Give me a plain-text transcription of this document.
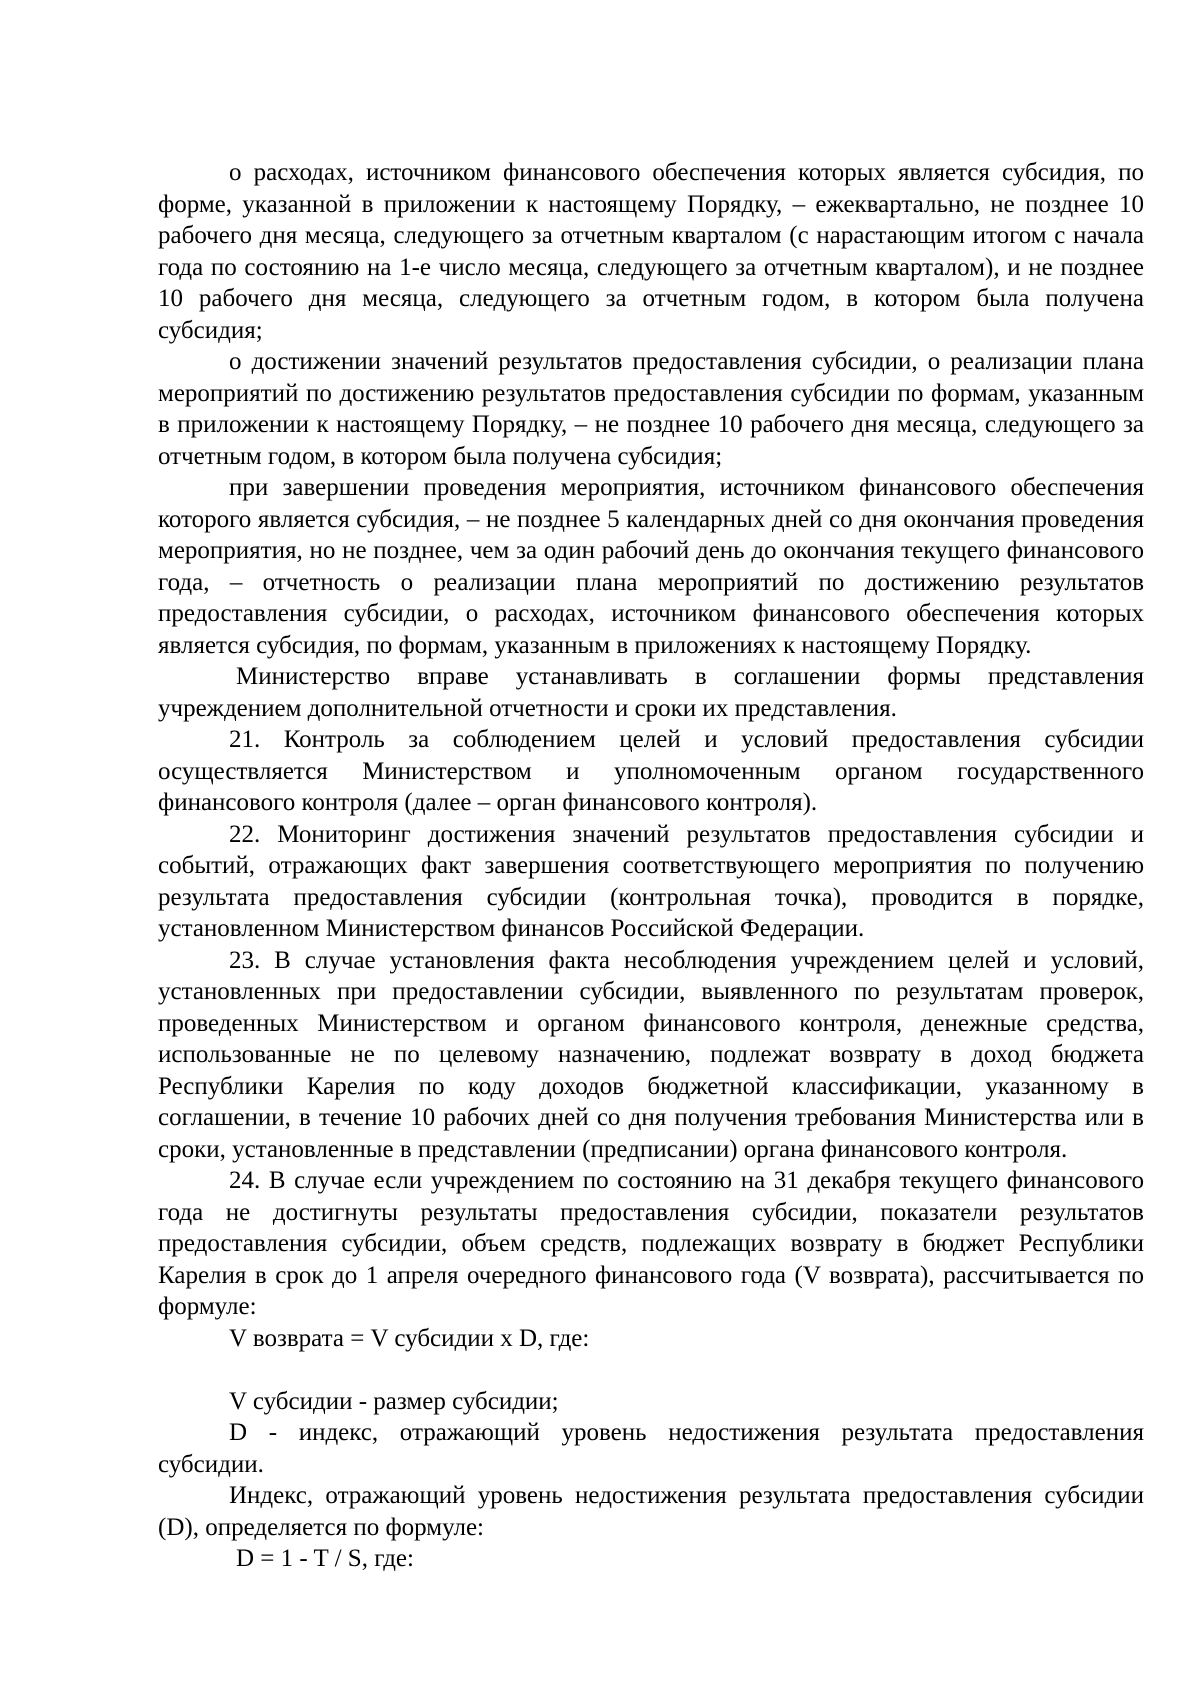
о расходах, источником финансового обеспечения которых является субсидия, по форме, указанной в приложении к настоящему Порядку, – ежеквартально, не позднее 10 рабочего дня месяца, следующего за отчетным кварталом (с нарастающим итогом с начала года по состоянию на 1-е число месяца, следующего за отчетным кварталом), и не позднее 10 рабочего дня месяца, следующего за отчетным годом, в котором была получена субсидия;

о достижении значений результатов предоставления субсидии, о реализации плана мероприятий по достижению результатов предоставления субсидии по формам, указанным в приложении к настоящему Порядку, – не позднее 10 рабочего дня месяца, следующего за отчетным годом, в котором была получена субсидия;

при завершении проведения мероприятия, источником финансового обеспечения которого является субсидия, – не позднее 5 календарных дней со дня окончания проведения мероприятия, но не позднее, чем за один рабочий день до окончания текущего финансового года, – отчетность о реализации плана мероприятий по достижению результатов предоставления субсидии, о расходах, источником финансового обеспечения которых является субсидия, по формам, указанным в приложениях к настоящему Порядку.

Министерство вправе устанавливать в соглашении формы представления учреждением дополнительной отчетности и сроки их представления.

21. Контроль за соблюдением целей и условий предоставления субсидии осуществляется Министерством и уполномоченным органом государственного финансового контроля (далее – орган финансового контроля).

22. Мониторинг достижения значений результатов предоставления субсидии и событий, отражающих факт завершения соответствующего мероприятия по получению результата предоставления субсидии (контрольная точка), проводится в порядке, установленном Министерством финансов Российской Федерации.

23. В случае установления факта несоблюдения учреждением целей и условий, установленных при предоставлении субсидии, выявленного по результатам проверок, проведенных Министерством и органом финансового контроля, денежные средства, использованные не по целевому назначению, подлежат возврату в доход бюджета Республики Карелия по коду доходов бюджетной классификации, указанному в соглашении, в течение 10 рабочих дней со дня получения требования Министерства или в сроки, установленные в представлении (предписании) органа финансового контроля.

24. В случае если учреждением по состоянию на 31 декабря текущего финансового года не достигнуты результаты предоставления субсидии, показатели результатов предоставления субсидии, объем средств, подлежащих возврату в бюджет Республики Карелия в срок до 1 апреля очередного финансового года (V возврата), рассчитывается по формуле:

V возврата = V субсидии x D, где:

V субсидии - размер субсидии;

D - индекс, отражающий уровень недостижения результата предоставления субсидии.

Индекс, отражающий уровень недостижения результата предоставления субсидии (D), определяется по формуле:

D = 1 - T / S, где:
